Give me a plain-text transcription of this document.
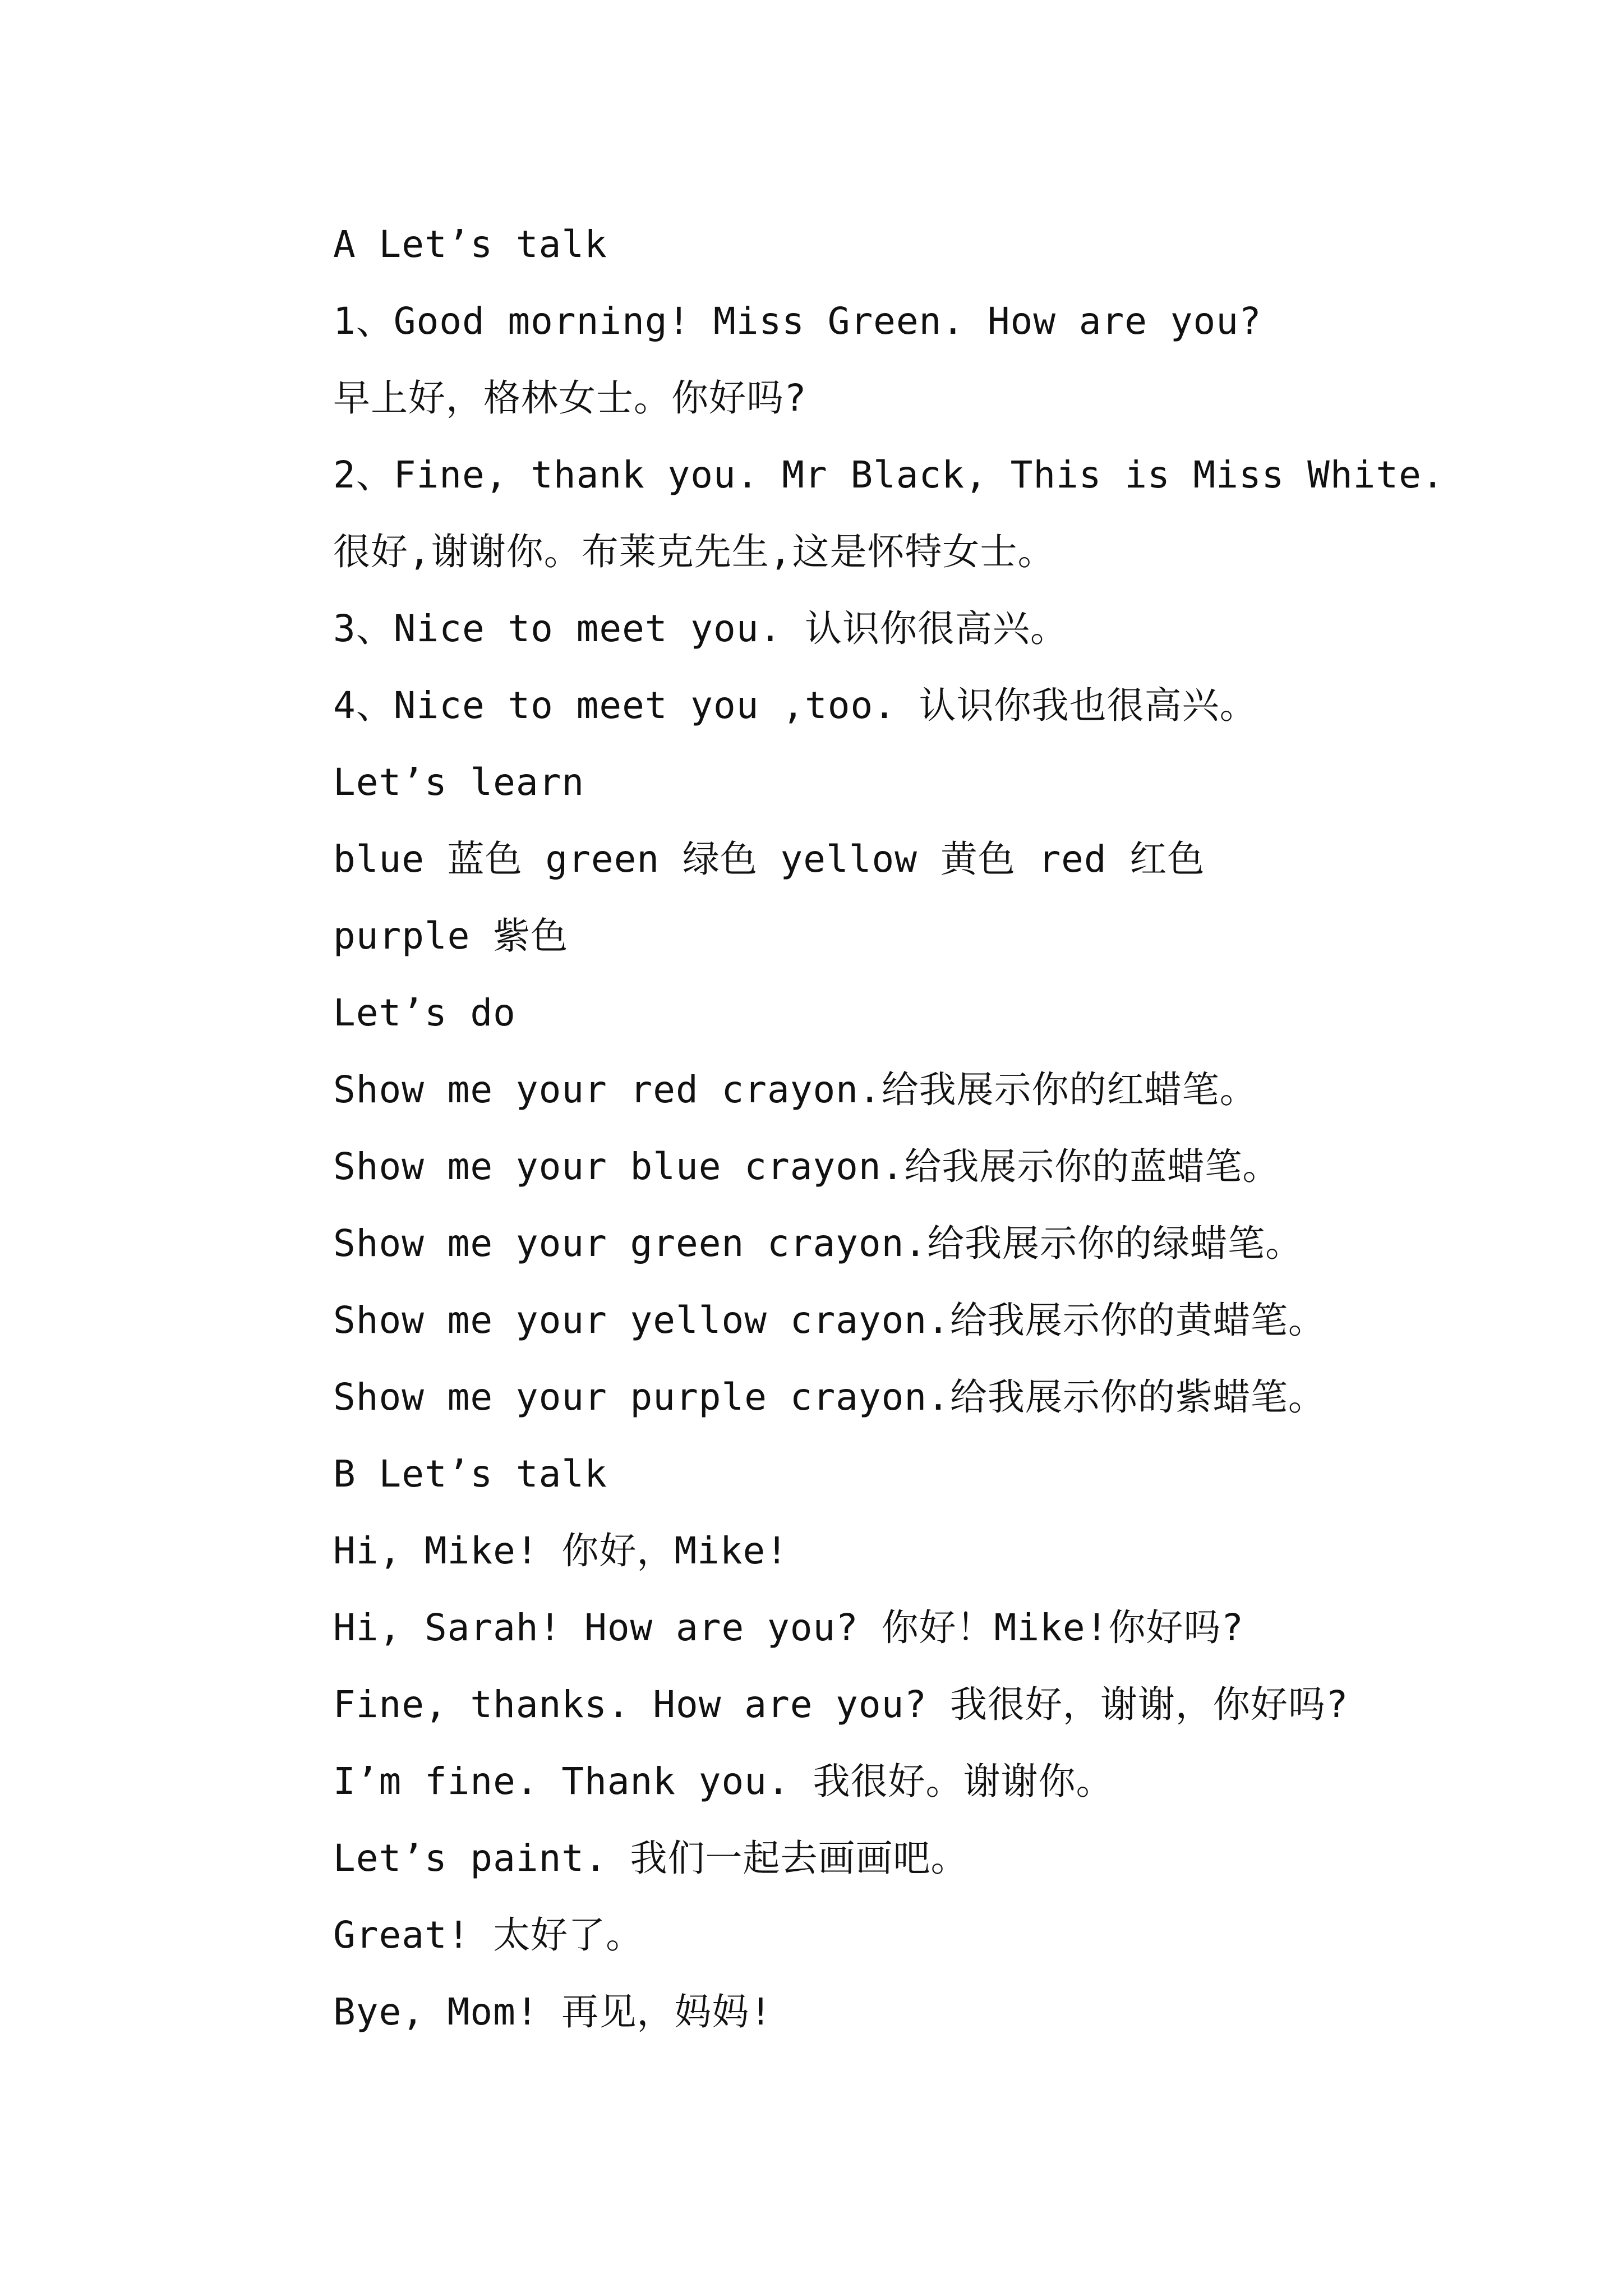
A Let’s talk
1、Good morning! Miss Green. How are you?
早上好，格林女士。你好吗?
2、Fine, thank you. Mr Black, This is Miss White.
很好,谢谢你。布莱克先生,这是怀特女士。
3、Nice to meet you. 认识你很高兴。
4、Nice to meet you ,too. 认识你我也很高兴。
Let’s learn
blue 蓝色 green 绿色 yellow 黄色 red 红色
purple 紫色
Let’s do
Show me your red crayon.给我展示你的红蜡笔。
Show me your blue crayon.给我展示你的蓝蜡笔。
Show me your green crayon.给我展示你的绿蜡笔。
Show me your yellow crayon.给我展示你的黄蜡笔。
Show me your purple crayon.给我展示你的紫蜡笔。
B Let’s talk
Hi, Mike! 你好，Mike!
Hi, Sarah! How are you? 你好！Mike!你好吗?
Fine, thanks. How are you? 我很好，谢谢，你好吗?
I’m fine. Thank you. 我很好。谢谢你。
Let’s paint. 我们一起去画画吧。
Great! 太好了。
Bye, Mom! 再见，妈妈!
